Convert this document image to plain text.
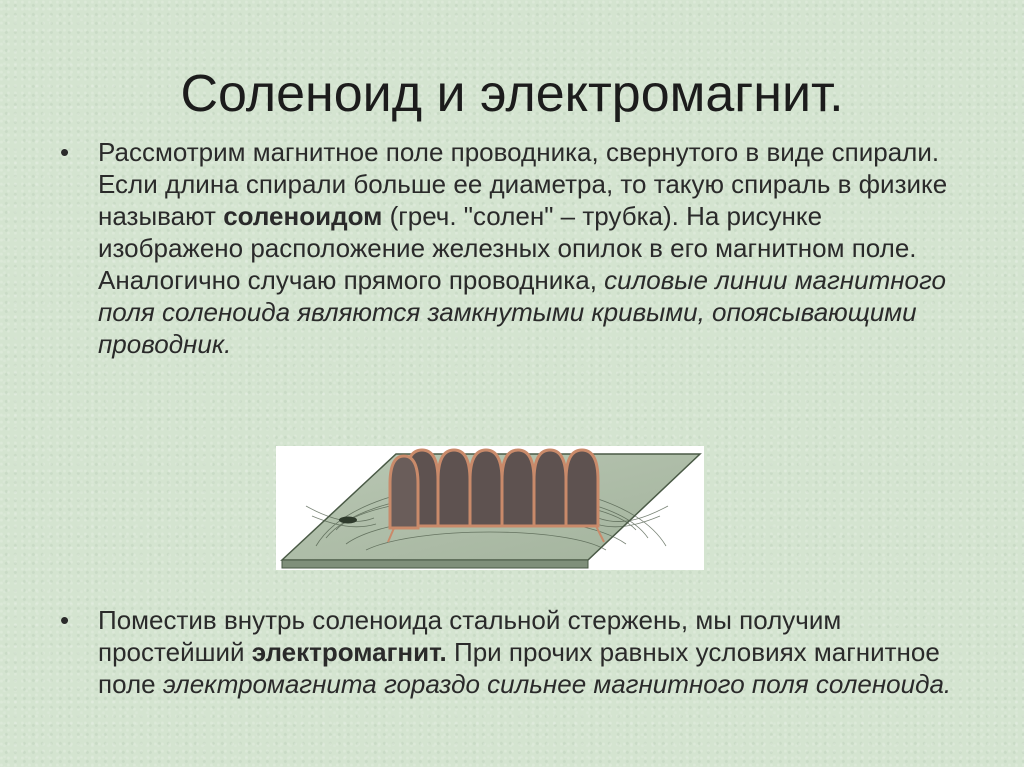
Соленоид и электромагнит.
•	Рассмотрим магнитное поле проводника, свернутого в виде спирали. Если длина спирали больше ее диаметра, то такую спираль в физике называют соленоидом (греч. "солен" – трубка). На рисунке изображено расположение железных опилок в его магнитном поле. Аналогично случаю прямого проводника, силовые линии магнитного поля соленоида являются замкнутыми кривыми, опоясывающими проводник.
•	Поместив внутрь соленоида стальной стержень, мы получим простейший электромагнит. При прочих равных условиях магнитное поле электромагнита гораздо сильнее магнитного поля соленоида.
